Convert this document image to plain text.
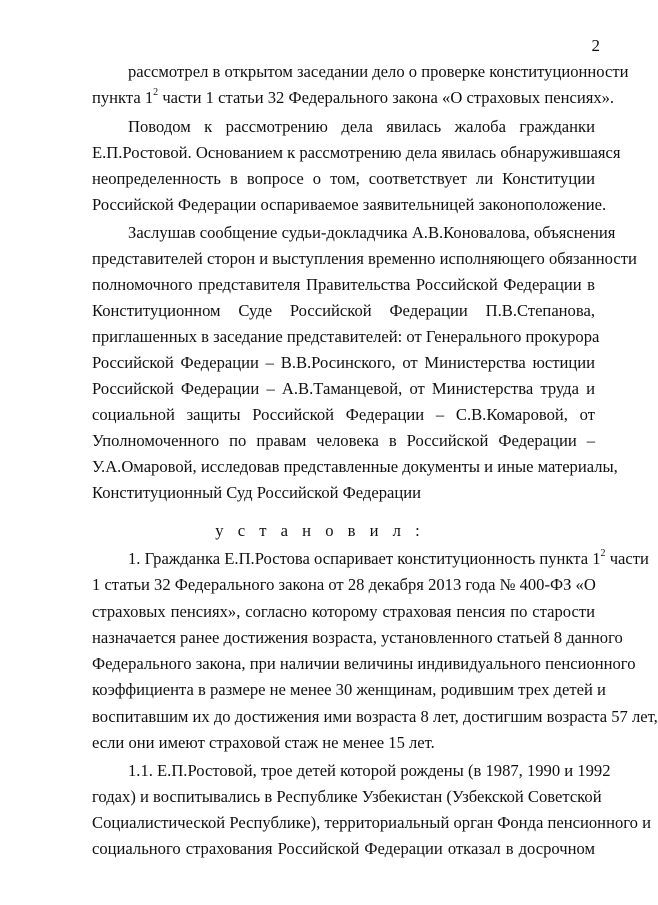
2
рассмотрел в открытом заседании дело о проверке конституционности
пункта $1^2$ части 1 статьи 32 Федерального закона «О страховых пенсиях».
Поводом к рассмотрению дела явилась жалоба гражданки
Е.П.Ростовой. Основанием к рассмотрению дела явилась обнаружившаяся
неопределенность в вопросе о том, соответствует ли Конституции
Российской Федерации оспариваемое заявительницей законоположение.
Заслушав сообщение судьи-докладчика А.В.Коновалова, объяснения
представителей сторон и выступления временно исполняющего обязанности
полномочного представителя Правительства Российской Федерации в
Конституционном Суде Российской Федерации П.В.Степанова,
приглашенных в заседание представителей: от Генерального прокурора
Российской Федерации – В.В.Росинского, от Министерства юстиции
Российской Федерации – А.В.Таманцевой, от Министерства труда и
социальной защиты Российской Федерации – С.В.Комаровой, от
Уполномоченного по правам человека в Российской Федерации –
У.А.Омаровой, исследовав представленные документы и иные материалы,
Конституционный Суд Российской Федерации
у с т а н о в и л :
1. Гражданка Е.П.Ростова оспаривает конституционность пункта $1^2$ части
1 статьи 32 Федерального закона от 28 декабря 2013 года № 400-ФЗ «О
страховых пенсиях», согласно которому страховая пенсия по старости
назначается ранее достижения возраста, установленного статьей 8 данного
Федерального закона, при наличии величины индивидуального пенсионного
коэффициента в размере не менее 30 женщинам, родившим трех детей и
воспитавшим их до достижения ими возраста 8 лет, достигшим возраста 57 лет,
если они имеют страховой стаж не менее 15 лет.
1.1. Е.П.Ростовой, трое детей которой рождены (в 1987, 1990 и 1992
годах) и воспитывались в Республике Узбекистан (Узбекской Советской
Социалистической Республике), территориальный орган Фонда пенсионного и
социального страхования Российской Федерации отказал в досрочном
